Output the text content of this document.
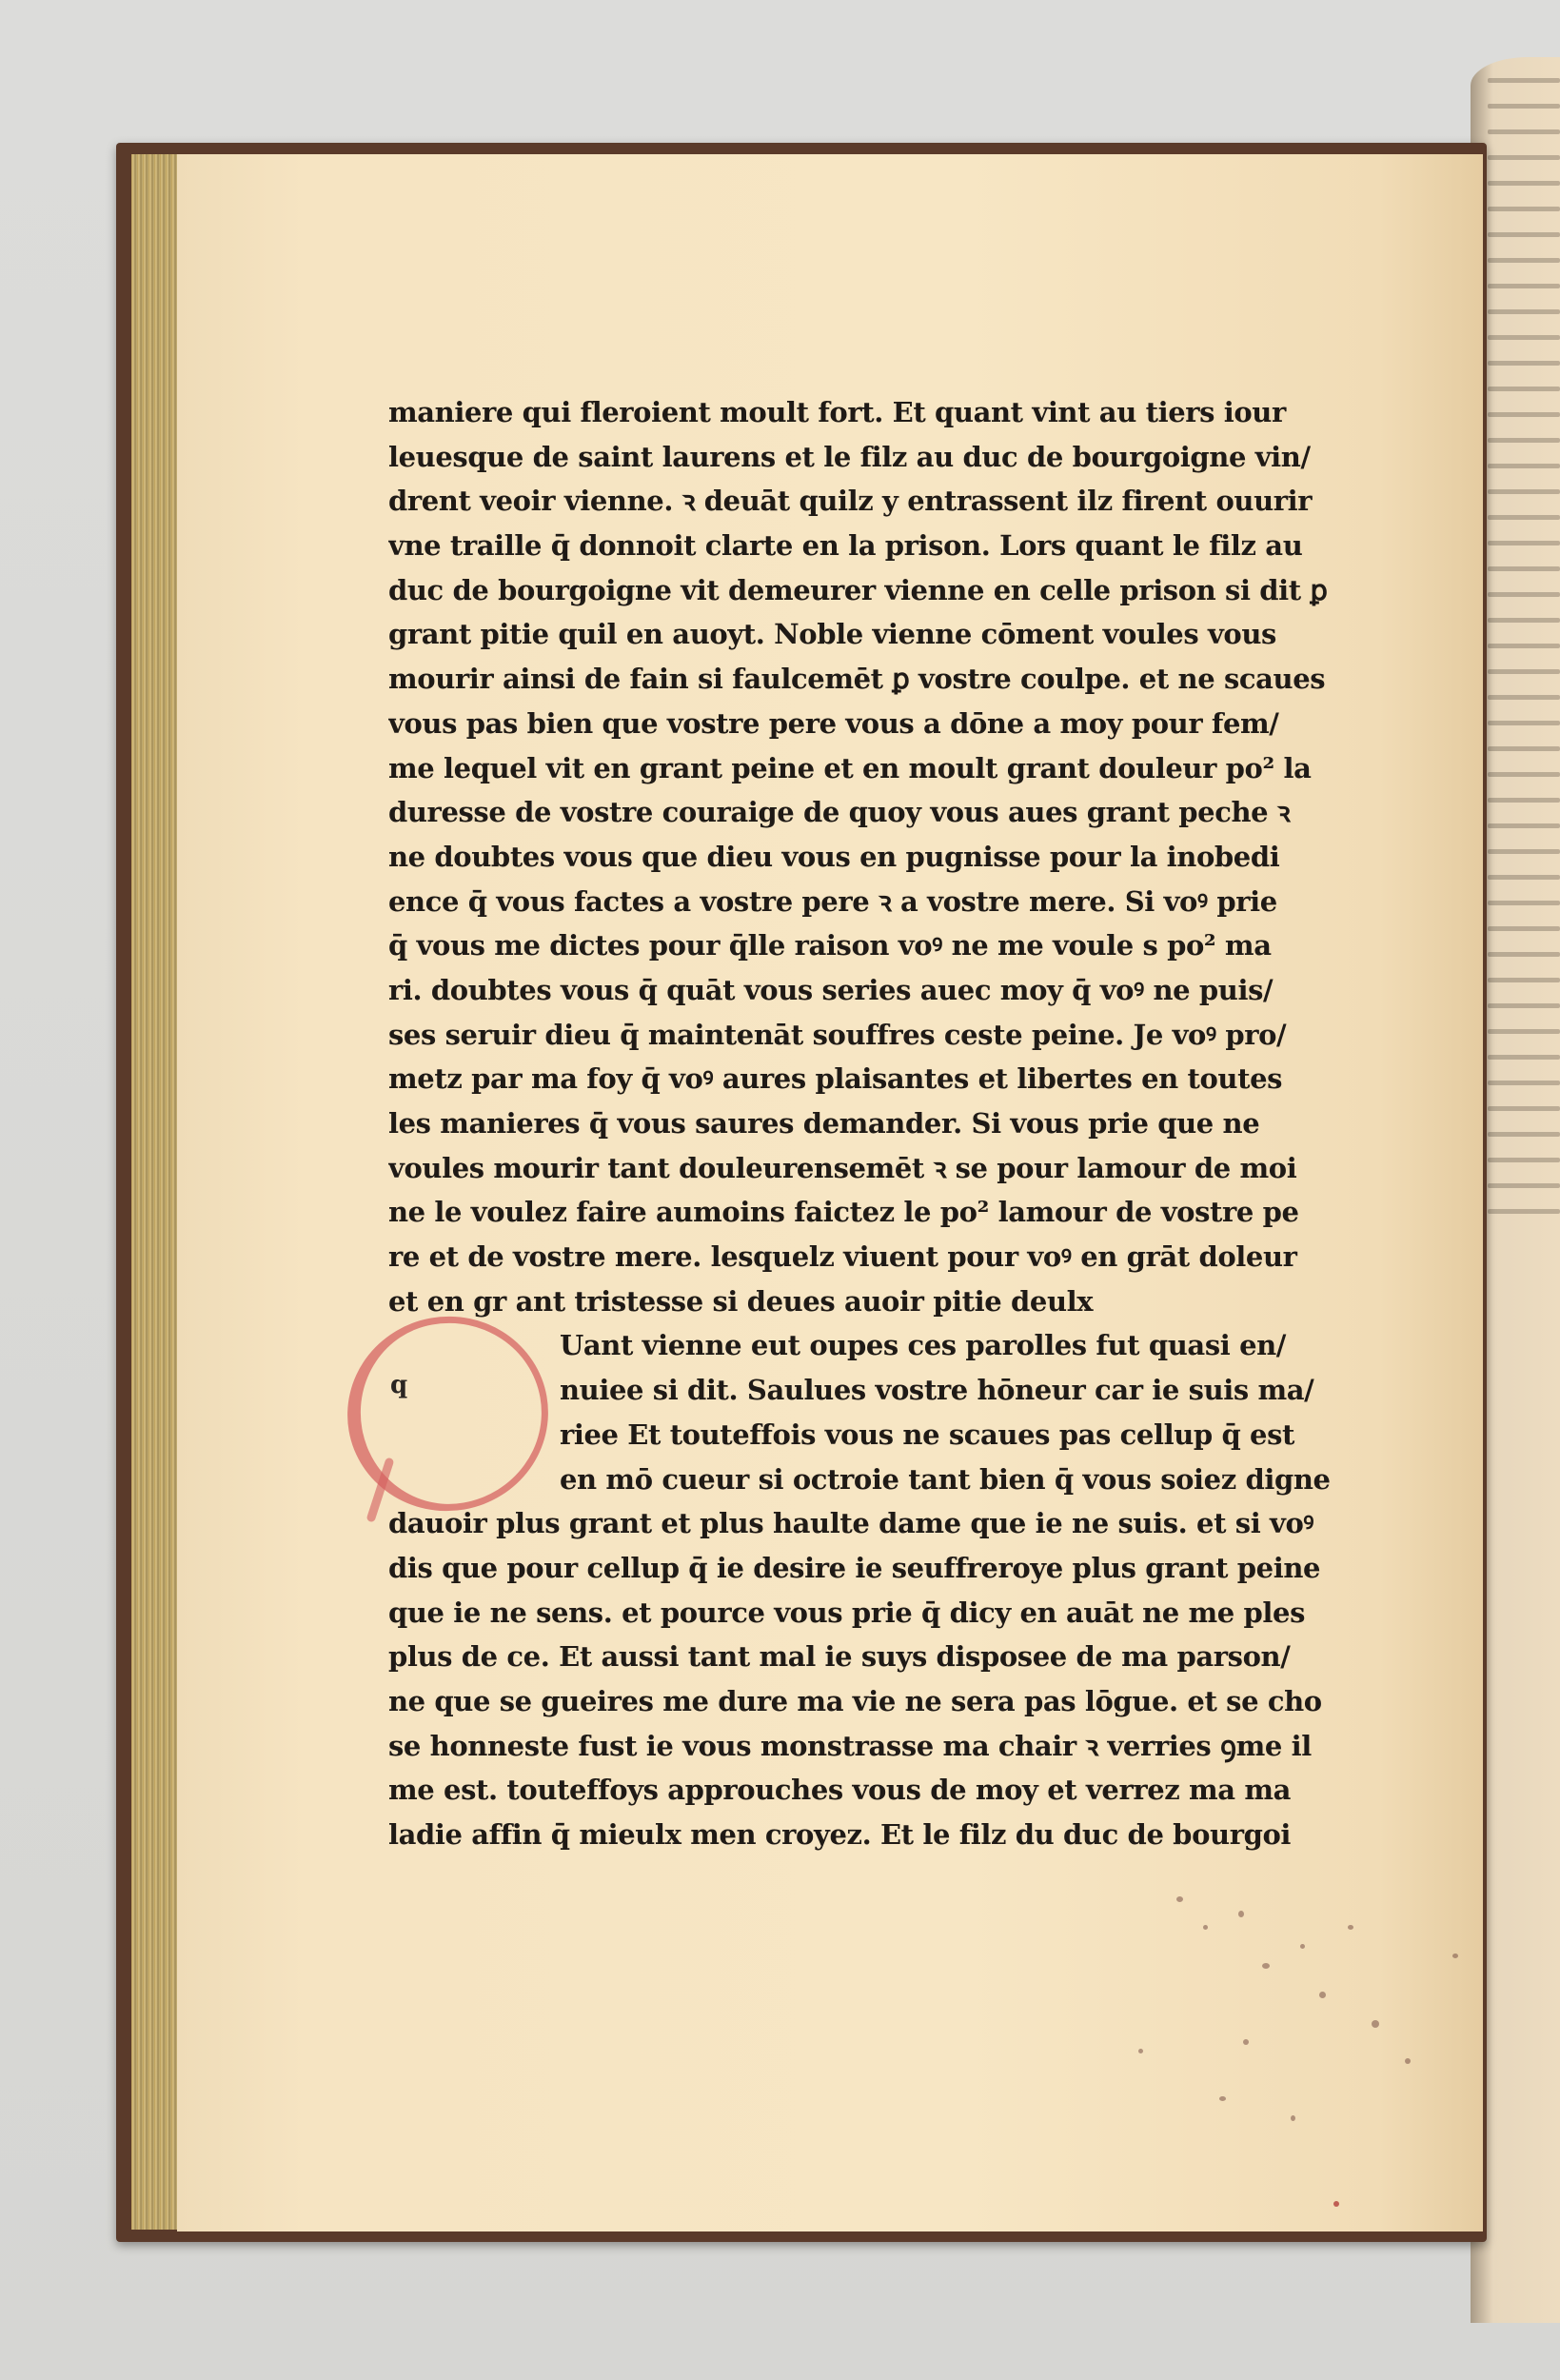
q
maniere qui fleroient moult fort. Et quant vint au tiers iour
leuesque de saint laurens et le filz au duc de bourgoigne vin/
drent veoir vienne. ꝛ deuāt quilz y entrassent ilz firent ouurir
vne traille q̄ donnoit clarte en la prison. Lors quant le filz au
duc de bourgoigne vit demeurer vienne en celle prison si dit ꝑ
grant pitie quil en auoyt. Noble vienne cōment voules vous
mourir ainsi de fain si faulcemēt ꝑ vostre coulpe. et ne scaues
vous pas bien que vostre pere vous a dōne a moy pour fem/
me lequel vit en grant peine et en moult grant douleur po² la
duresse de vostre couraige de quoy vous aues grant peche ꝛ
ne doubtes vous que dieu vous en pugnisse pour la inobedi
ence q̄ vous factes a vostre pere ꝛ a vostre mere. Si voꝰ prie
q̄ vous me dictes pour q̄lle raison voꝰ ne me voule s po² ma
ri. doubtes vous q̄ quāt vous series auec moy q̄ voꝰ ne puis/
ses seruir dieu q̄ maintenāt souffres ceste peine. Je voꝰ pro/
metz par ma foy q̄ voꝰ aures plaisantes et libertes en toutes
les manieres q̄ vous saures demander. Si vous prie que ne
voules mourir tant douleurensemēt ꝛ se pour lamour de moi
ne le voulez faire aumoins faictez le po² lamour de vostre pe
re et de vostre mere. lesquelz viuent pour voꝰ en grāt doleur
et en gr ant tristesse si deues auoir pitie deulx
Uant vienne eut oupes ces parolles fut quasi en/
nuiee si dit. Saulues vostre hōneur car ie suis ma/
riee Et touteffois vous ne scaues pas cellup q̄ est
en mō cueur si octroie tant bien q̄ vous soiez digne
dauoir plus grant et plus haulte dame que ie ne suis. et si voꝰ
dis que pour cellup q̄ ie desire ie seuffreroye plus grant peine
que ie ne sens. et pource vous prie q̄ dicy en auāt ne me ples
plus de ce. Et aussi tant mal ie suys disposee de ma parson/
ne que se gueires me dure ma vie ne sera pas lōgue. et se cho
se honneste fust ie vous monstrasse ma chair ꝛ verries ꝯme il
me est. touteffoys approuches vous de moy et verrez ma ma
ladie affin q̄ mieulx men croyez. Et le filz du duc de bourgoi
